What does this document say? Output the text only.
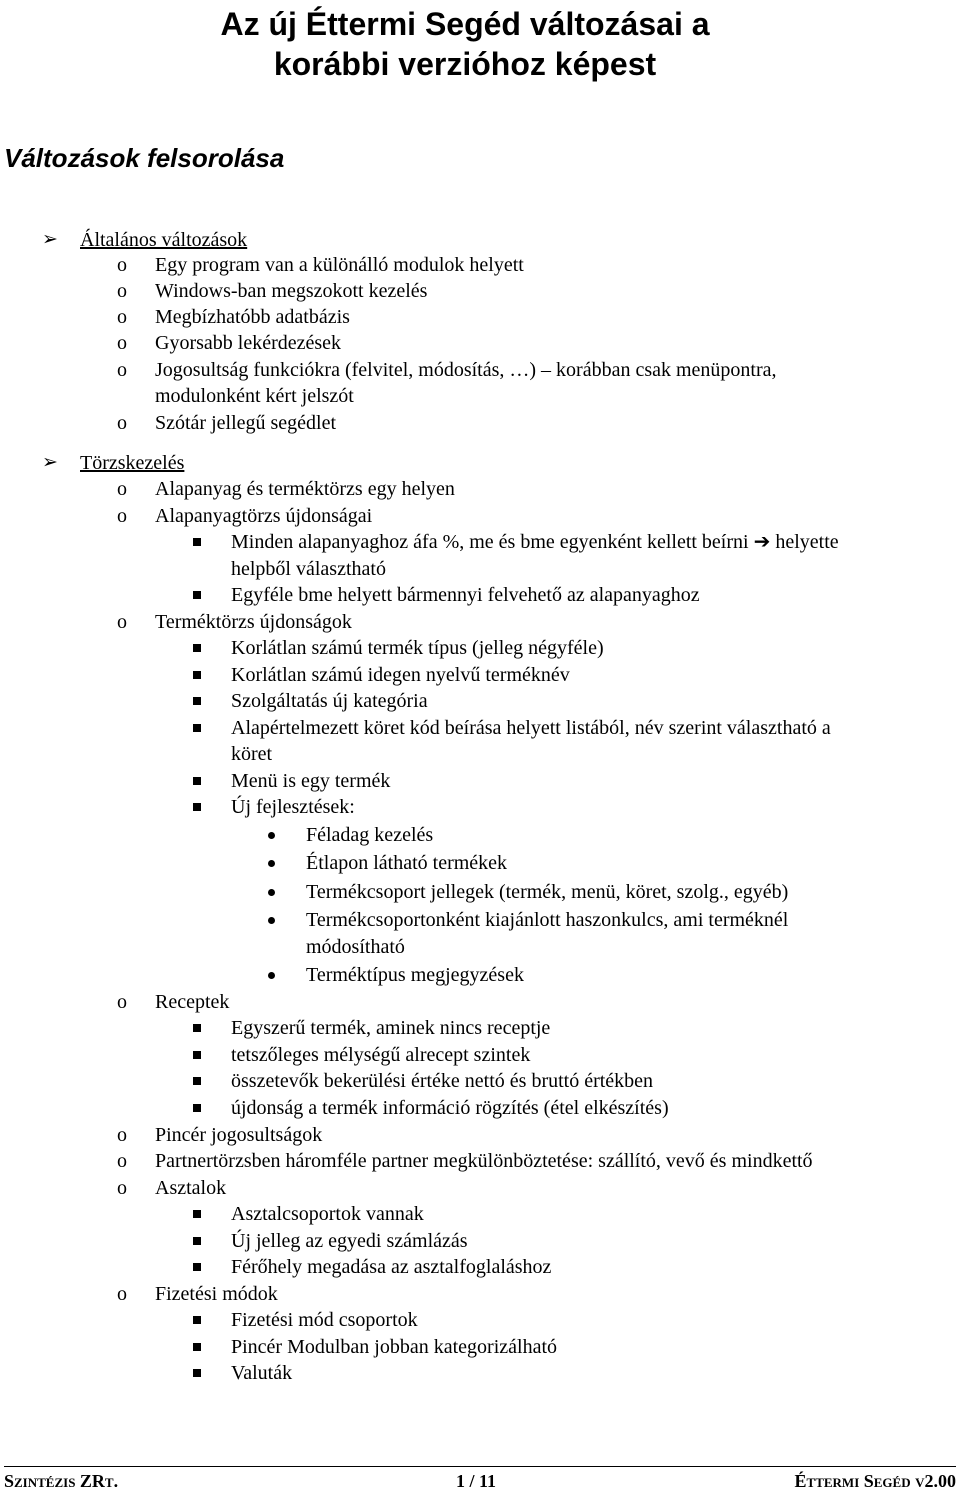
Az új Éttermi Segéd változásai a
korábbi verzióhoz képest
Változások felsorolása
➢ Általános változások
o Egy program van a különálló modulok helyett
o Windows-ban megszokott kezelés
o Megbízhatóbb adatbázis
o Gyorsabb lekérdezések
o Jogosultság funkciókra (felvitel, módosítás, …) – korábban csak menüpontra,
modulonként kért jelszót
o Szótár jellegű segédlet
➢ Törzskezelés
o Alapanyag és terméktörzs egy helyen
o Alapanyagtörzs újdonságai
Minden alapanyaghoz áfa %, me és bme egyenként kellett beírni ➔ helyette
helpből választható
Egyféle bme helyett bármennyi felvehető az alapanyaghoz
o Terméktörzs újdonságok
Korlátlan számú termék típus (jelleg négyféle)
Korlátlan számú idegen nyelvű terméknév
Szolgáltatás új kategória
Alapértelmezett köret kód beírása helyett listából, név szerint választható a
köret
Menü is egy termék
Új fejlesztések:
Féladag kezelés
Étlapon látható termékek
Termékcsoport jellegek (termék, menü, köret, szolg., egyéb)
Termékcsoportonként kiajánlott haszonkulcs, ami terméknél
módosítható
Terméktípus megjegyzések
o Receptek
Egyszerű termék, aminek nincs receptje
tetszőleges mélységű alrecept szintek
összetevők bekerülési értéke nettó és bruttó értékben
újdonság a termék információ rögzítés (étel elkészítés)
o Pincér jogosultságok
o Partnertörzsben háromféle partner megkülönböztetése: szállító, vevő és mindkettő
o Asztalok
Asztalcsoportok vannak
Új jelleg az egyedi számlázás
Férőhely megadása az asztalfoglaláshoz
o Fizetési módok
Fizetési mód csoportok
Pincér Modulban jobban kategorizálható
Valuták
Szintézis ZRt.	1 / 11	Éttermi Segéd v2.00
